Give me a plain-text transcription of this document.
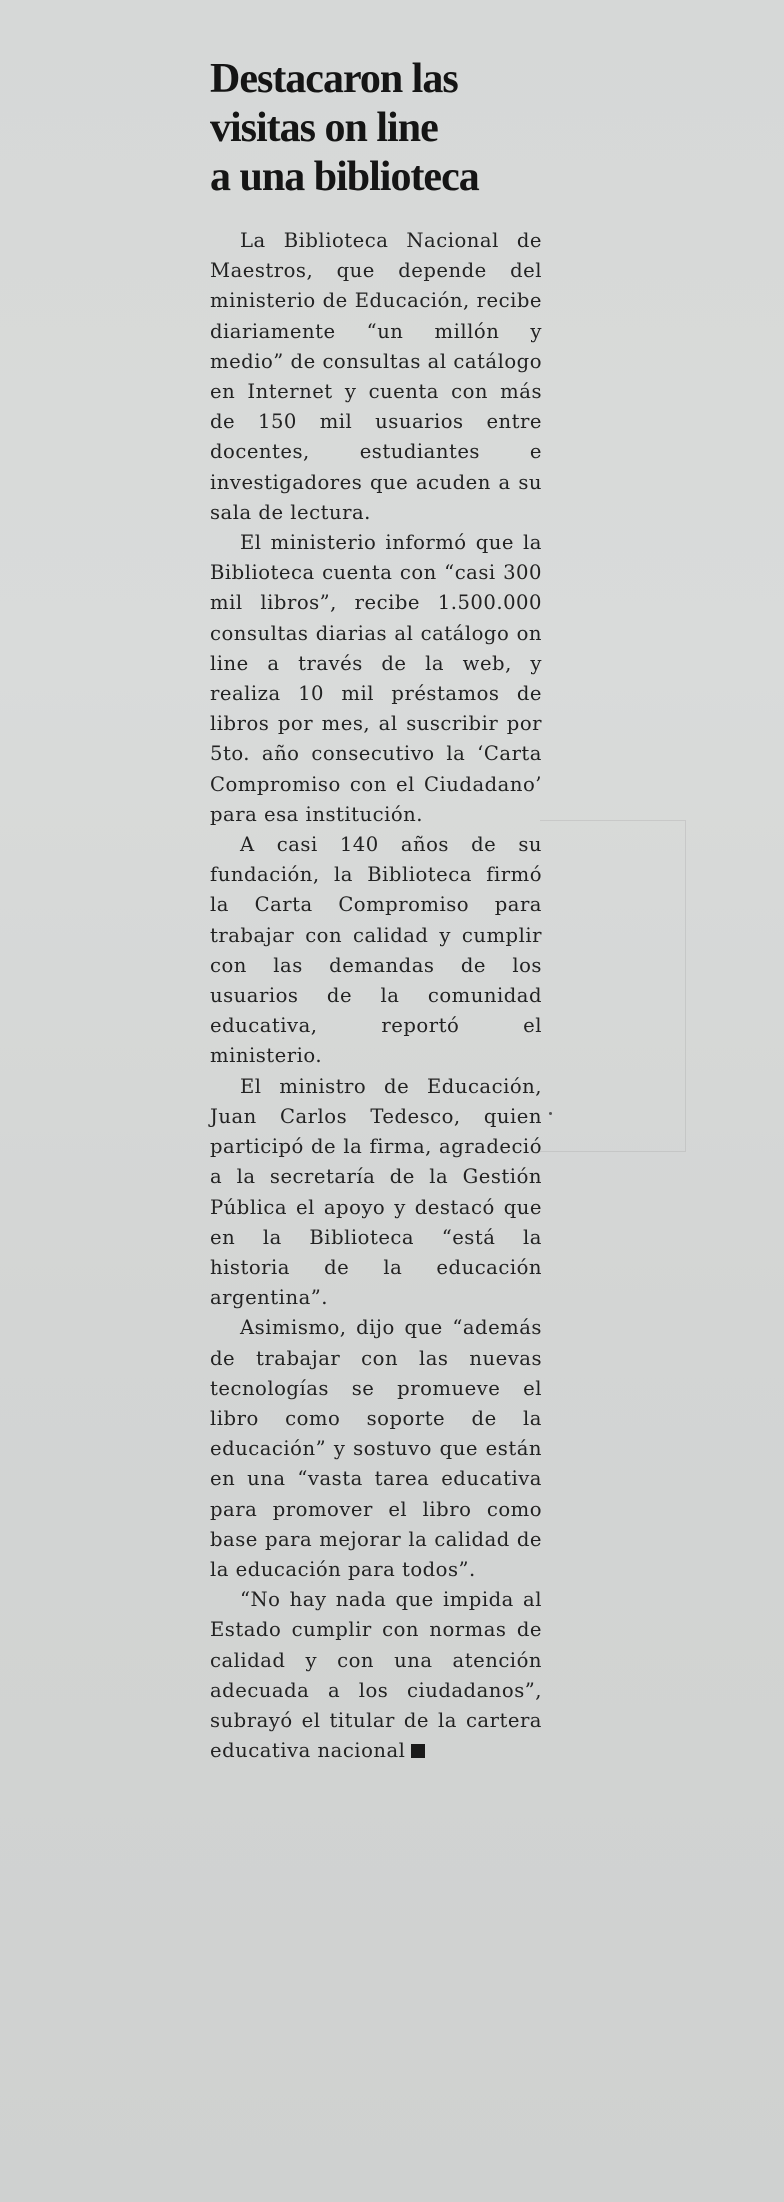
Destacaron las
visitas on line
a una biblioteca

La Biblioteca Nacional de Maestros, que depende del ministerio de Educación, recibe diariamente “un millón y medio” de consultas al catálogo en Internet y cuenta con más de 150 mil usuarios entre docentes, estudiantes e investigadores que acuden a su sala de lectura.

El ministerio informó que la Biblioteca cuenta con “casi 300 mil libros”, recibe 1.500.000 consultas diarias al catálogo on line a través de la web, y realiza 10 mil préstamos de libros por mes, al suscribir por 5to. año consecutivo la ‘Carta Compromiso con el Ciudadano’ para esa institución.

A casi 140 años de su fundación, la Biblioteca firmó la Carta Compromiso para trabajar con calidad y cumplir con las demandas de los usuarios de la comunidad educativa, reportó el ministerio.

El ministro de Educación, Juan Carlos Tedesco, quien participó de la firma, agradeció a la secretaría de la Gestión Pública el apoyo y destacó que en la Biblioteca “está la historia de la educación argentina”.

Asimismo, dijo que “además de trabajar con las nuevas tecnologías se promueve el libro como soporte de la educación” y sostuvo que están en una “vasta tarea educativa para promover el libro como base para mejorar la calidad de la educación para todos”.

“No hay nada que impida al Estado cumplir con normas de calidad y con una atención adecuada a los ciudadanos”, subrayó el titular de la cartera educativa nacional
